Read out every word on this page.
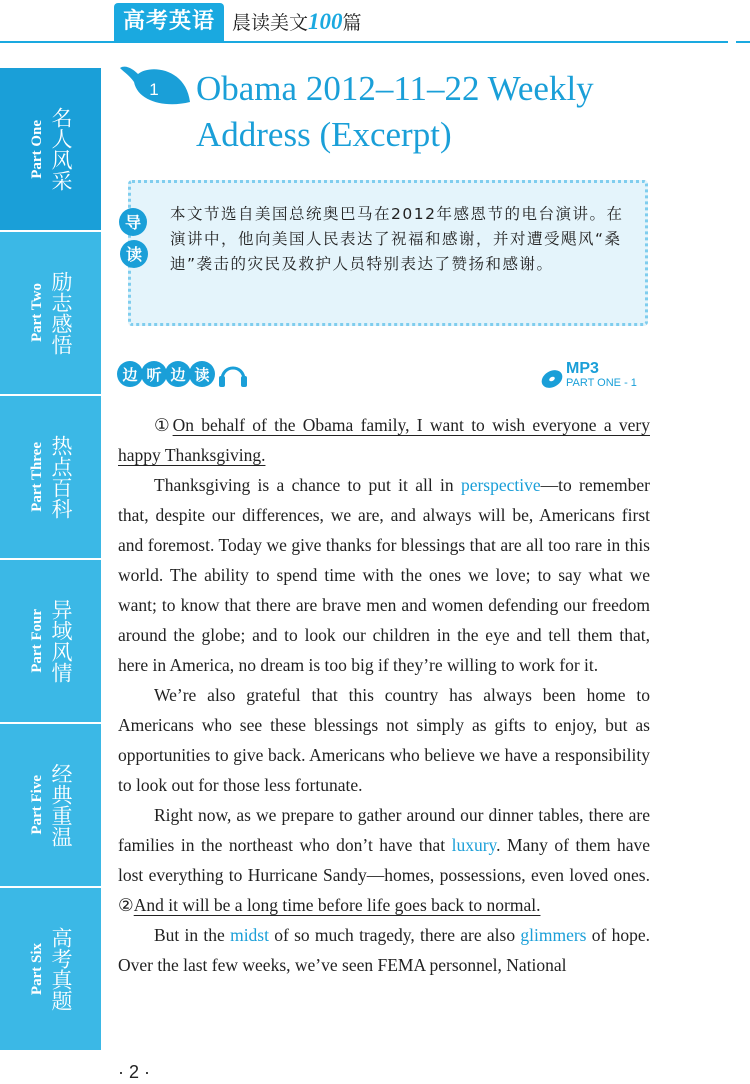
高考英语 晨读美文100篇
Part One 名人风采
Part Two 励志感悟
Part Three 热点百科
Part Four 异域风情
Part Five 经典重温
Part Six 高考真题
1 Obama 2012–11–22 Weekly Address (Excerpt)
导
读
本文节选自美国总统奥巴马在2012年感恩节的电台演讲。在演讲中，他向美国人民表达了祝福和感谢，并对遭受飓风“桑迪”袭击的灾民及救护人员特别表达了赞扬和感谢。
边 听 边 读	MP3
PART ONE - 1

①On behalf of the Obama family, I want to wish everyone a very happy Thanksgiving.

Thanksgiving is a chance to put it all in perspective—to remember that, despite our differences, we are, and always will be, Americans first and foremost. Today we give thanks for blessings that are all too rare in this world. The ability to spend time with the ones we love; to say what we want; to know that there are brave men and women defending our freedom around the globe; and to look our children in the eye and tell them that, here in America, no dream is too big if they’re willing to work for it.

We’re also grateful that this country has always been home to Americans who see these blessings not simply as gifts to enjoy, but as opportunities to give back. Americans who believe we have a responsibility to look out for those less fortunate.

Right now, as we prepare to gather around our dinner tables, there are families in the northeast who don’t have that luxury. Many of them have lost everything to Hurricane Sandy—homes, possessions, even loved ones. ②And it will be a long time before life goes back to normal.

But in the midst of so much tragedy, there are also glimmers of hope. Over the last few weeks, we’ve seen FEMA personnel, National

· 2 ·
